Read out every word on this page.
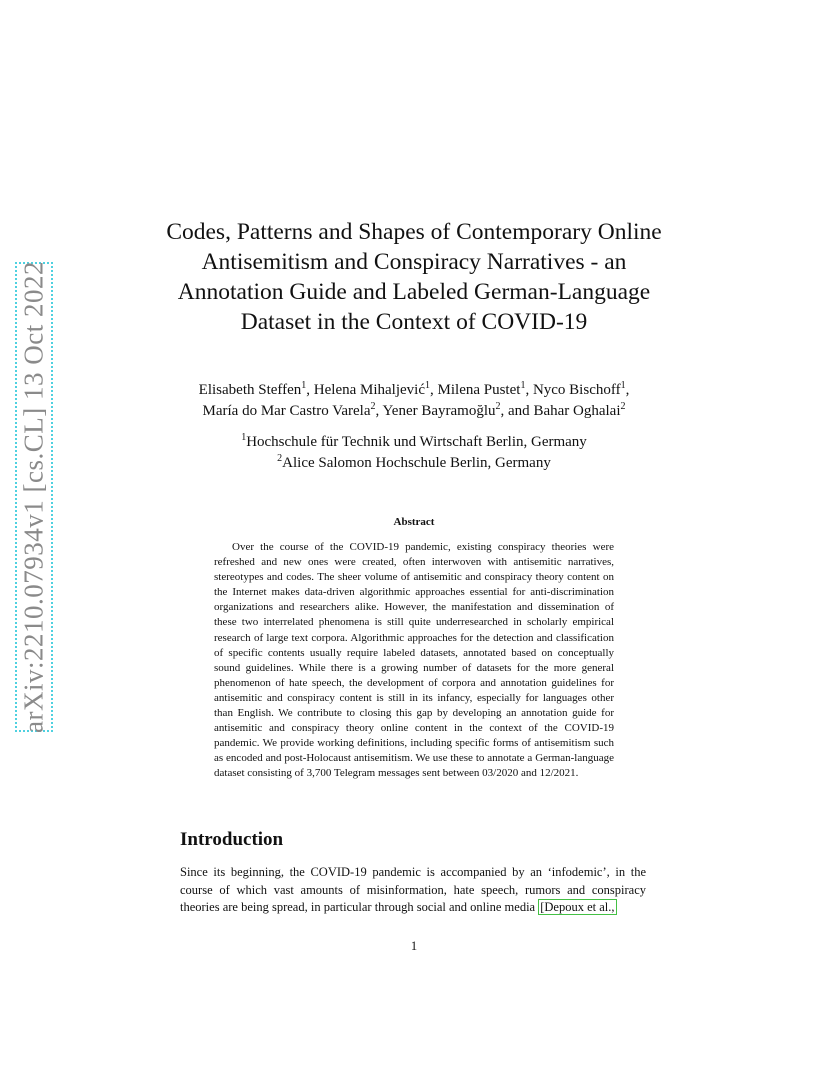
arXiv:2210.07934v1 [cs.CL] 13 Oct 2022
Codes, Patterns and Shapes of Contemporary Online Antisemitism and Conspiracy Narratives - an Annotation Guide and Labeled German-Language Dataset in the Context of COVID-19
Elisabeth Steffen$^1$, Helena Mihaljević$^1$, Milena Pustet$^1$, Nyco Bischoff$^1$,
María do Mar Castro Varela$^2$, Yener Bayramoğlu$^2$, and Bahar Oghalai$^2$
$^1$Hochschule für Technik und Wirtschaft Berlin, Germany
$^2$Alice Salomon Hochschule Berlin, Germany
Abstract

Over the course of the COVID-19 pandemic, existing conspiracy theories were refreshed and new ones were created, often interwoven with antisemitic narratives, stereotypes and codes. The sheer volume of antisemitic and conspiracy theory content on the Internet makes data-driven algorithmic approaches essential for anti-discrimination organizations and researchers alike. However, the manifestation and dissemination of these two interrelated phenomena is still quite underresearched in scholarly empirical research of large text corpora. Algorithmic approaches for the detection and classification of specific contents usually require labeled datasets, annotated based on conceptually sound guidelines. While there is a growing number of datasets for the more general phenomenon of hate speech, the development of corpora and annotation guidelines for antisemitic and conspiracy content is still in its infancy, especially for languages other than English. We contribute to closing this gap by developing an annotation guide for antisemitic and conspiracy theory online content in the context of the COVID-19 pandemic. We provide working definitions, including specific forms of antisemitism such as encoded and post-Holocaust antisemitism. We use these to annotate a German-language dataset consisting of 3,700 Telegram messages sent between 03/2020 and 12/2021.

Introduction

Since its beginning, the COVID-19 pandemic is accompanied by an ‘infodemic’, in the course of which vast amounts of misinformation, hate speech, rumors and conspiracy theories are being spread, in particular through social and online media [Depoux et al.,

1
